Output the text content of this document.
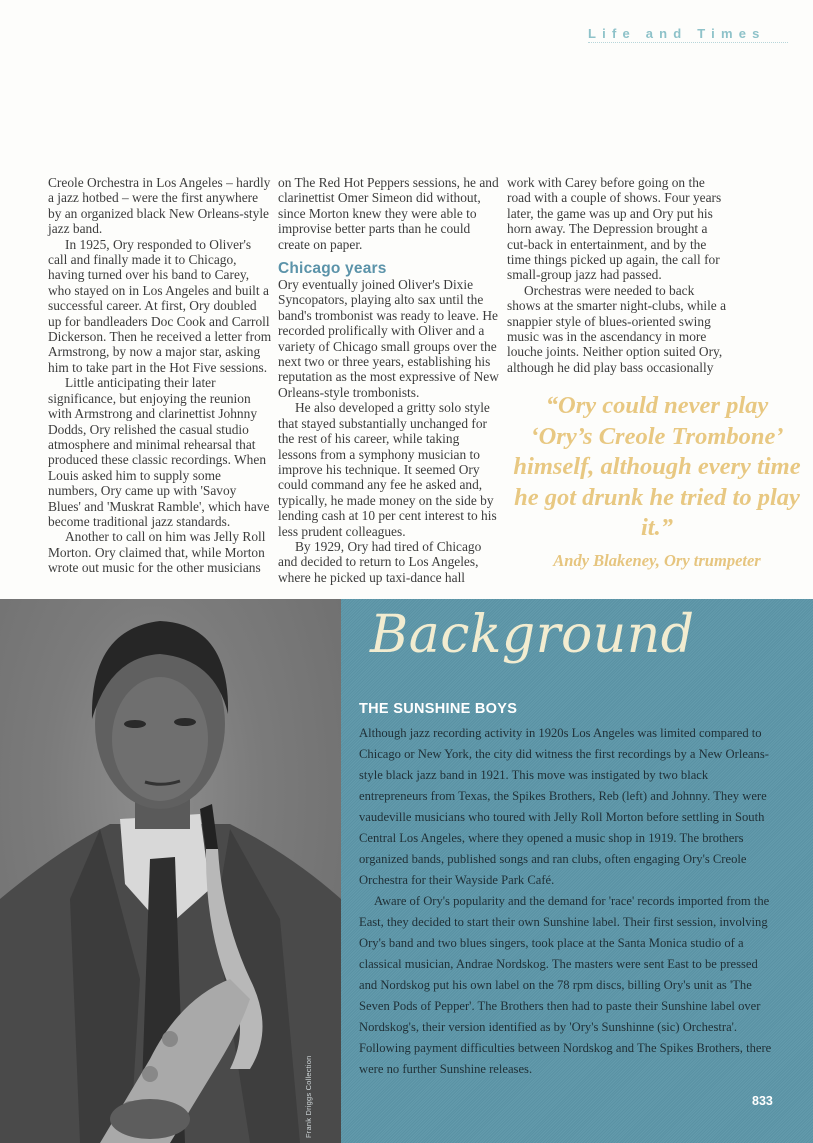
Life and Times

Creole Orchestra in Los Angeles – hardly a jazz hotbed – were the first anywhere by an organized black New Orleans-style jazz band.

In 1925, Ory responded to Oliver's call and finally made it to Chicago, having turned over his band to Carey, who stayed on in Los Angeles and built a successful career. At first, Ory doubled up for bandleaders Doc Cook and Carroll Dickerson. Then he received a letter from Armstrong, by now a major star, asking him to take part in the Hot Five sessions.

Little anticipating their later significance, but enjoying the reunion with Armstrong and clarinettist Johnny Dodds, Ory relished the casual studio atmosphere and minimal rehearsal that produced these classic recordings. When Louis asked him to supply some numbers, Ory came up with 'Savoy Blues' and 'Muskrat Ramble', which have become traditional jazz standards.

Another to call on him was Jelly Roll Morton. Ory claimed that, while Morton wrote out music for the other musicians

on The Red Hot Peppers sessions, he and clarinettist Omer Simeon did without, since Morton knew they were able to improvise better parts than he could create on paper.

Chicago years

Ory eventually joined Oliver's Dixie Syncopators, playing alto sax until the band's trombonist was ready to leave. He recorded prolifically with Oliver and a variety of Chicago small groups over the next two or three years, establishing his reputation as the most expressive of New Orleans-style trombonists.

He also developed a gritty solo style that stayed substantially unchanged for the rest of his career, while taking lessons from a symphony musician to improve his technique. It seemed Ory could command any fee he asked and, typically, he made money on the side by lending cash at 10 per cent interest to his less prudent colleagues.

By 1929, Ory had tired of Chicago and decided to return to Los Angeles, where he picked up taxi-dance hall

work with Carey before going on the road with a couple of shows. Four years later, the game was up and Ory put his horn away. The Depression brought a cut-back in entertainment, and by the time things picked up again, the call for small-group jazz had passed.

Orchestras were needed to back shows at the smarter night-clubs, while a snappier style of blues-oriented swing music was in the ascendancy in more louche joints. Neither option suited Ory, although he did play bass occasionally

“Ory could never play ‘Ory’s Creole Trombone’ himself, although every time he got drunk he tried to play it.”
Andy Blakeney, Ory trumpeter
Frank Driggs Collection
Background
THE SUNSHINE BOYS

Although jazz recording activity in 1920s Los Angeles was limited compared to Chicago or New York, the city did witness the first recordings by a New Orleans-style black jazz band in 1921. This move was instigated by two black entrepreneurs from Texas, the Spikes Brothers, Reb (left) and Johnny. They were vaudeville musicians who toured with Jelly Roll Morton before settling in South Central Los Angeles, where they opened a music shop in 1919. The brothers organized bands, published songs and ran clubs, often engaging Ory's Creole Orchestra for their Wayside Park Café.

Aware of Ory's popularity and the demand for 'race' records imported from the East, they decided to start their own Sunshine label. Their first session, involving Ory's band and two blues singers, took place at the Santa Monica studio of a classical musician, Andrae Nordskog. The masters were sent East to be pressed and Nordskog put his own label on the 78 rpm discs, billing Ory's unit as 'The Seven Pods of Pepper'. The Brothers then had to paste their Sunshine label over Nordskog's, their version identified as by 'Ory's Sunshinne (sic) Orchestra'. Following payment difficulties between Nordskog and The Spikes Brothers, there were no further Sunshine releases.

833
